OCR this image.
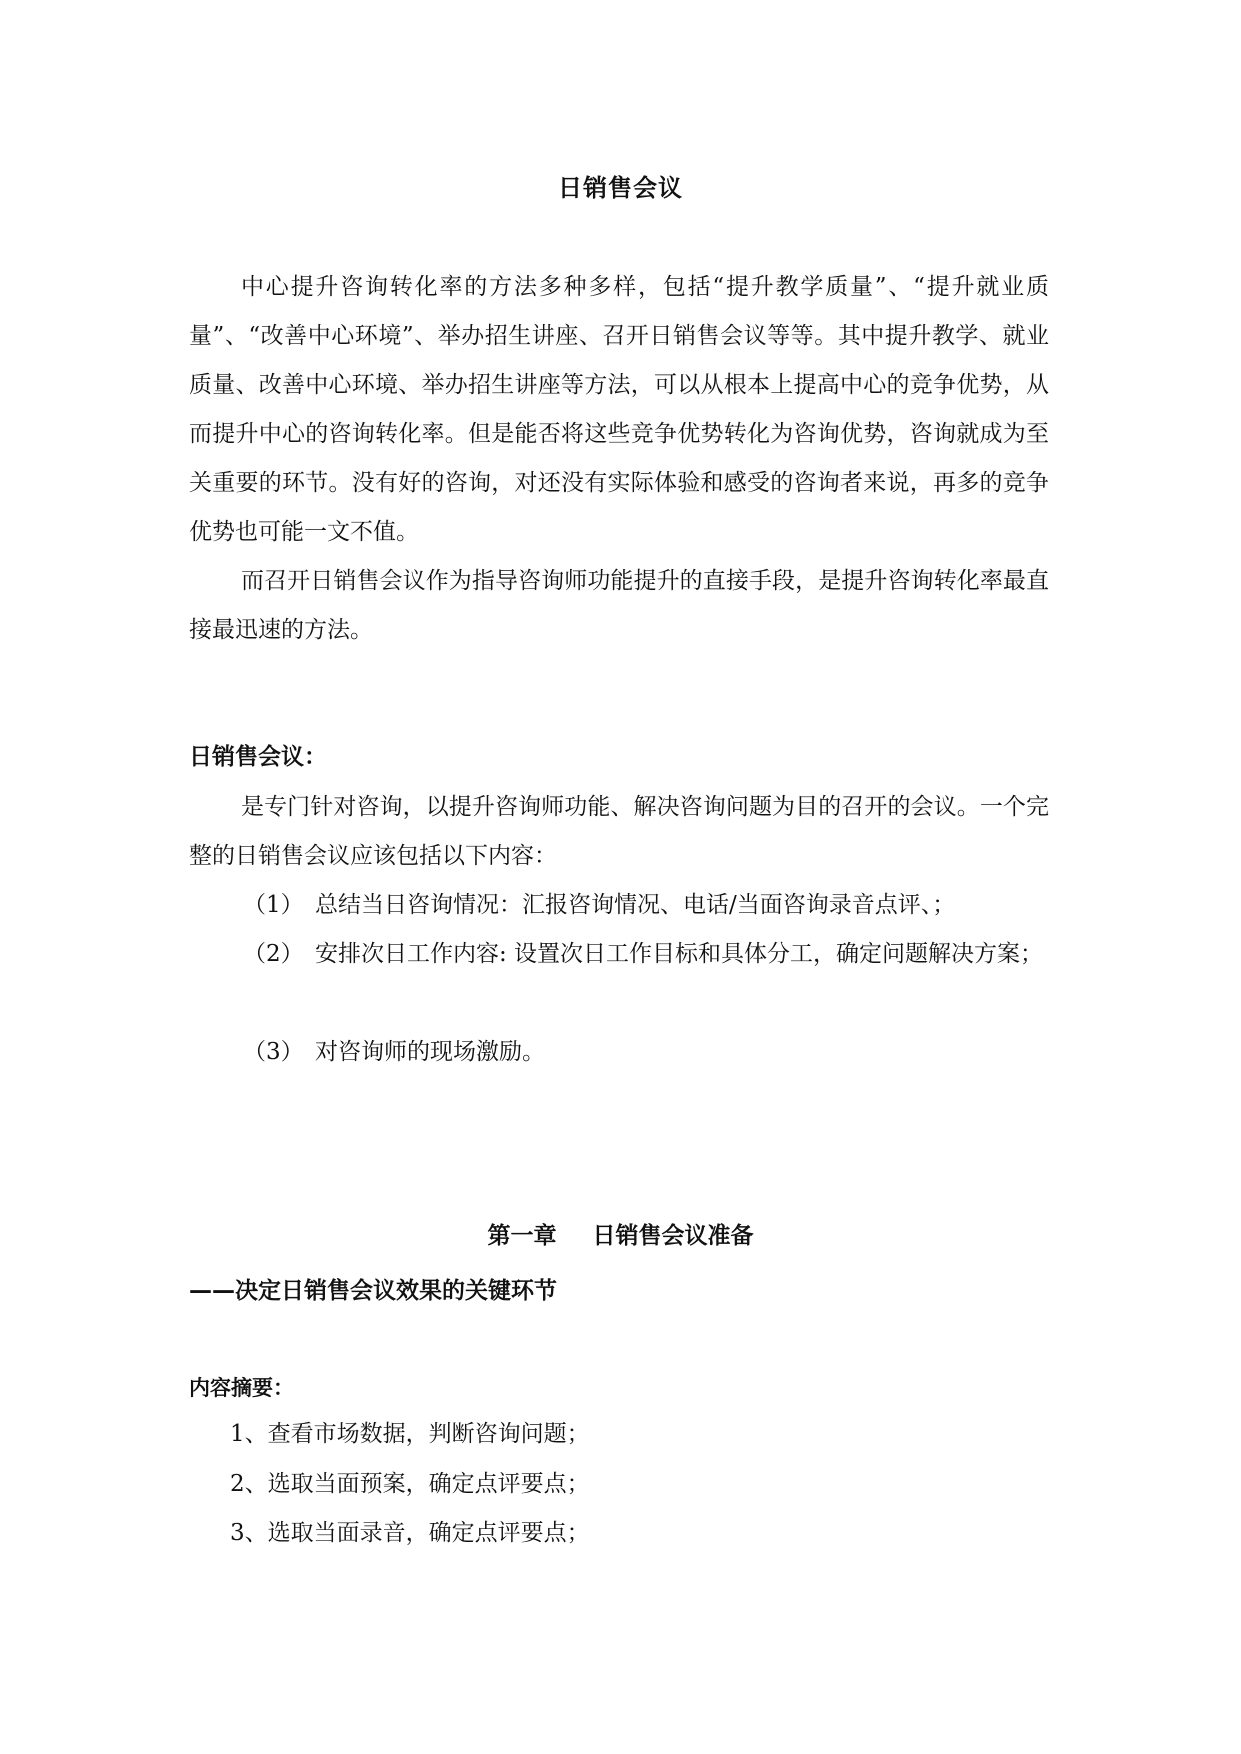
日销售会议
中心提升咨询转化率的方法多种多样，包括“提升教学质量”、“提升就业质量”、“改善中心环境”、举办招生讲座、召开日销售会议等等。其中提升教学、就业质量、改善中心环境、举办招生讲座等方法，可以从根本上提高中心的竞争优势，从而提升中心的咨询转化率。但是能否将这些竞争优势转化为咨询优势，咨询就成为至关重要的环节。没有好的咨询，对还没有实际体验和感受的咨询者来说，再多的竞争优势也可能一文不值。
而召开日销售会议作为指导咨询师功能提升的直接手段，是提升咨询转化率最直接最迅速的方法。
日销售会议：
是专门针对咨询，以提升咨询师功能、解决咨询问题为目的召开的会议。一个完整的日销售会议应该包括以下内容：
（1） 总结当日咨询情况：汇报咨询情况、电话/当面咨询录音点评、；
（2） 安排次日工作内容: 设置次日工作目标和具体分工，确定问题解决方案；
（3） 对咨询师的现场激励。
第一章 日销售会议准备
——决定日销售会议效果的关键环节
内容摘要：
1、查看市场数据，判断咨询问题；
2、选取当面预案，确定点评要点；
3、选取当面录音，确定点评要点；
